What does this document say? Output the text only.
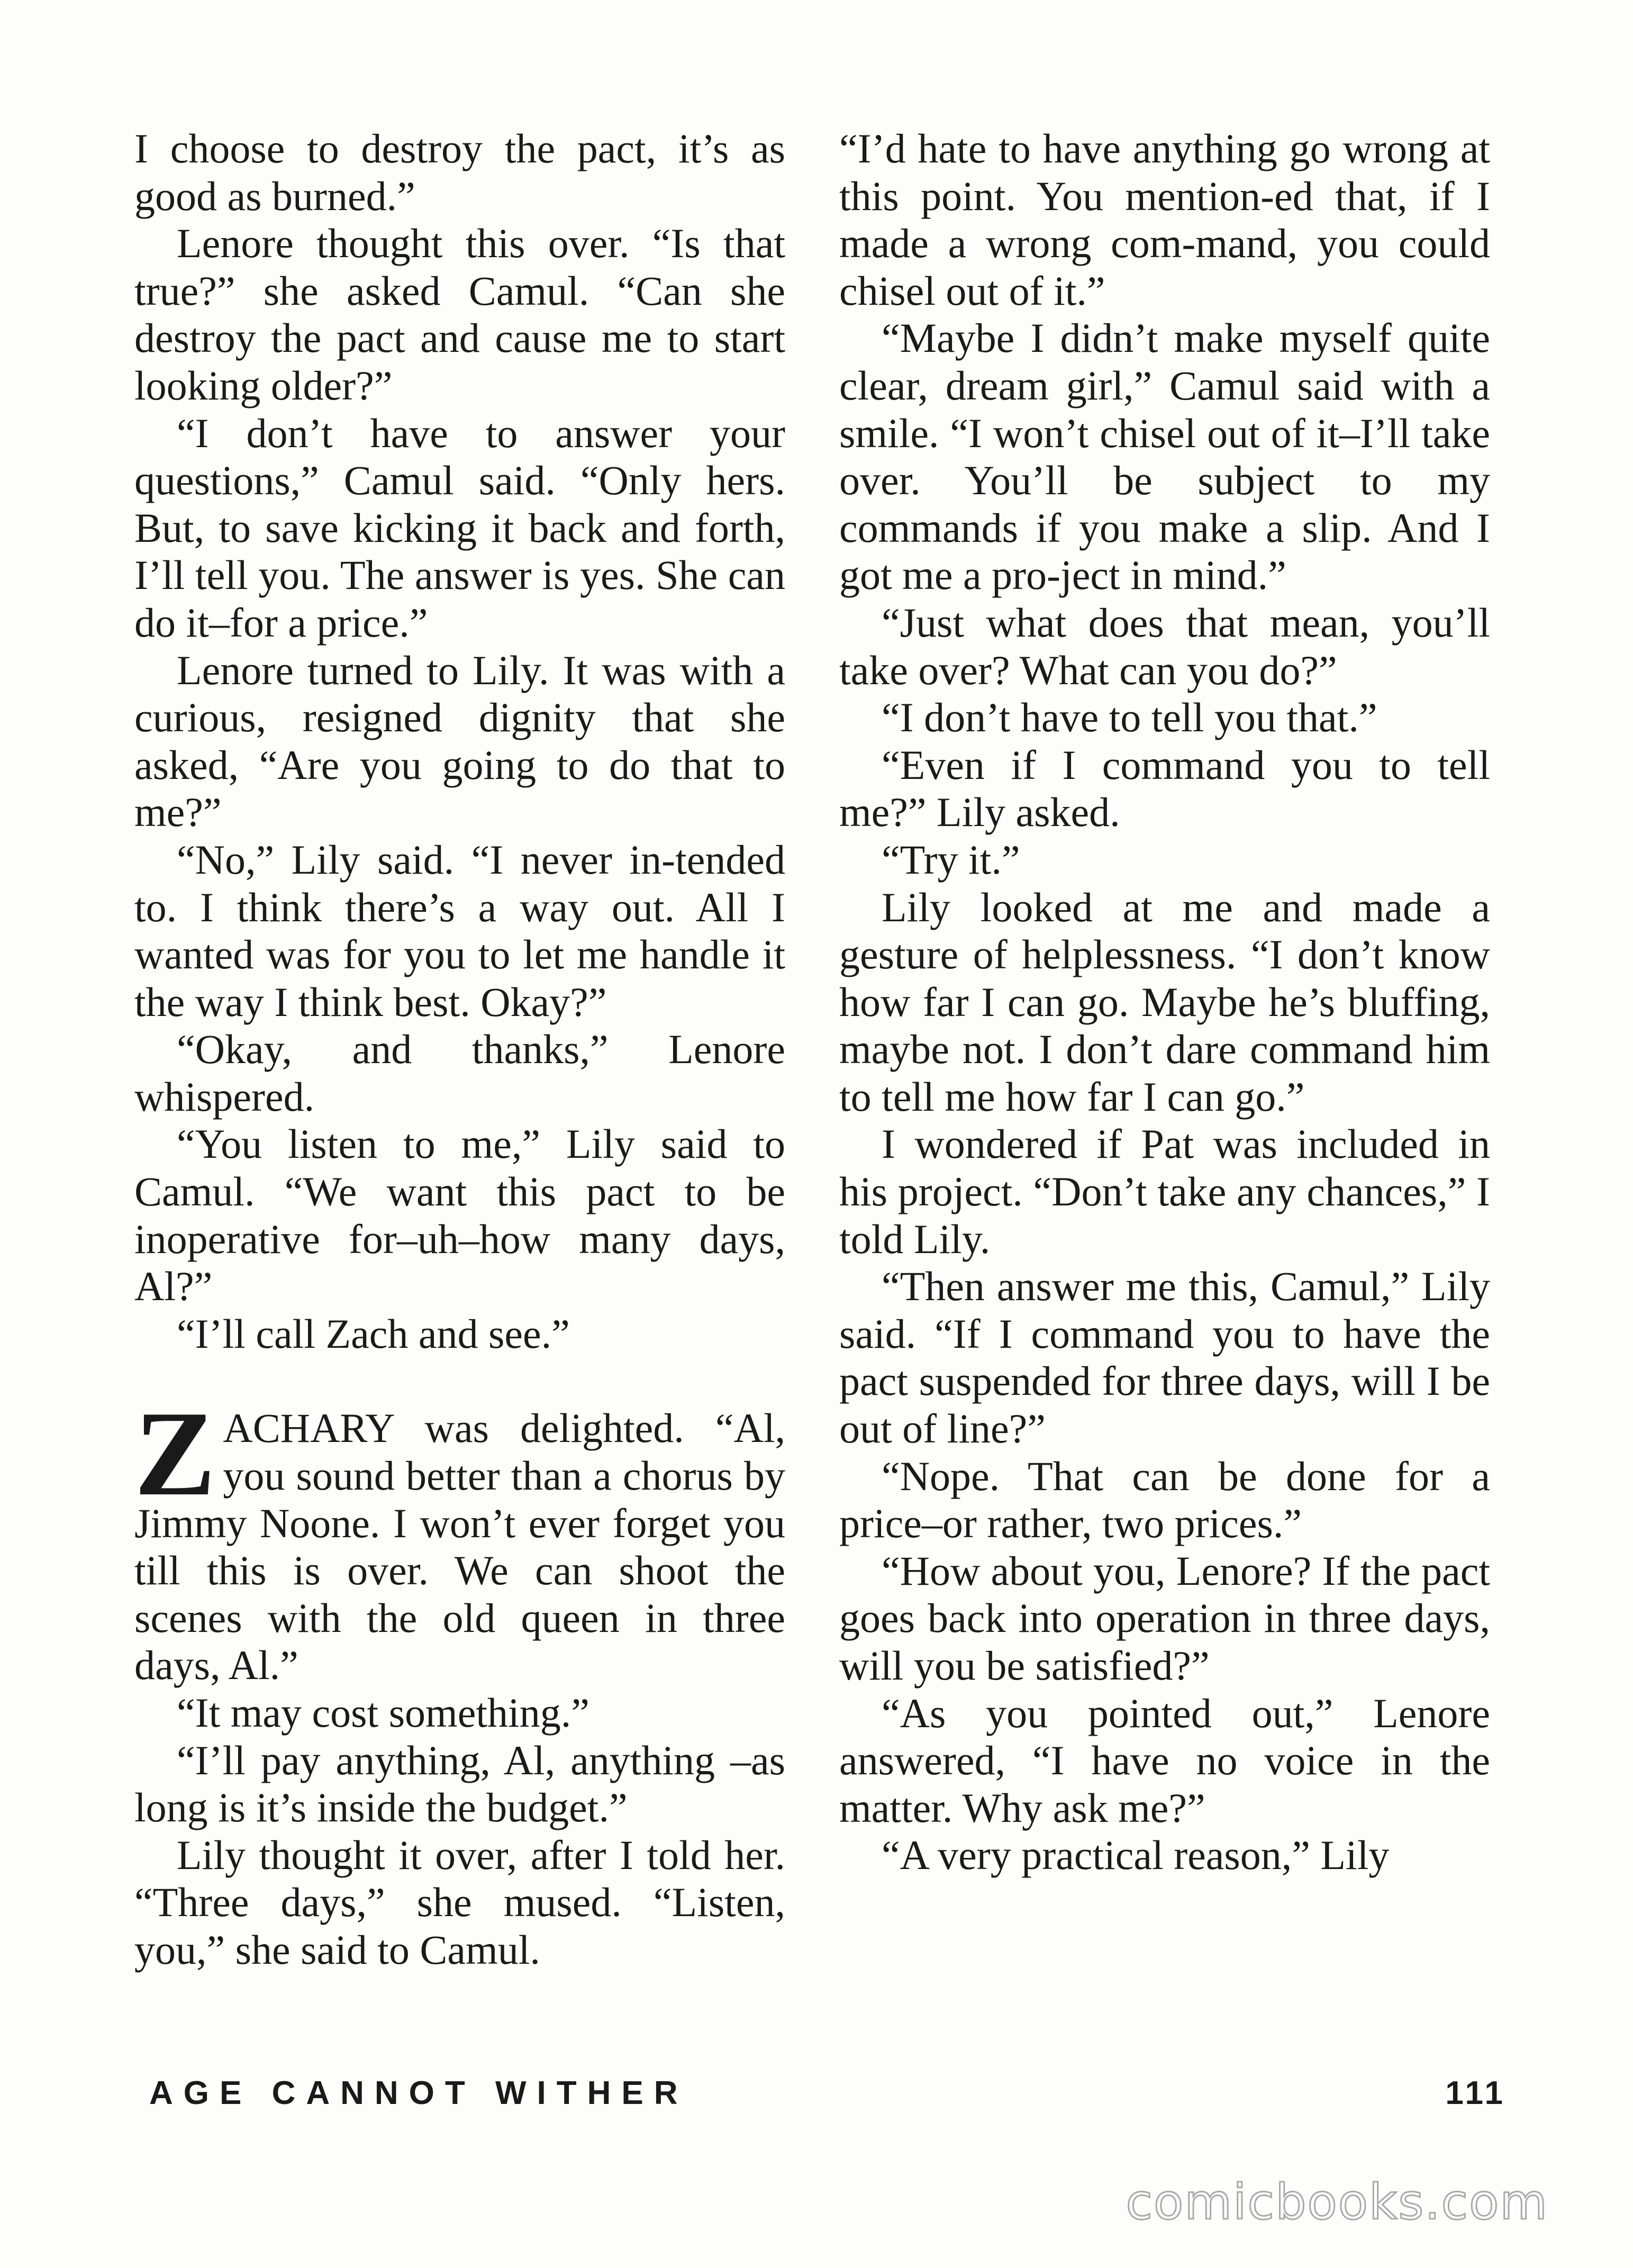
I choose to destroy the pact, it’s as good as burned.”

Lenore thought this over. “Is that true?” she asked Camul. “Can she destroy the pact and cause me to start looking older?”

“I don’t have to answer your questions,” Camul said. “Only hers. But, to save kicking it back and forth, I’ll tell you. The answer is yes. She can do it–for a price.”

Lenore turned to Lily. It was with a curious, resigned dignity that she asked, “Are you going to do that to me?”

“No,” Lily said. “I never in-tended to. I think there’s a way out. All I wanted was for you to let me handle it the way I think best. Okay?”

“Okay, and thanks,” Lenore whispered.

“You listen to me,” Lily said to Camul. “We want this pact to be inoperative for–uh–how many days, Al?”

“I’ll call Zach and see.”

Z ACHARY was delighted. “Al, you sound better than a chorus by Jimmy Noone. I won’t ever forget you till this is over. We can shoot the scenes with the old queen in three days, Al.”

“It may cost something.”

“I’ll pay anything, Al, anything –as long is it’s inside the budget.”

Lily thought it over, after I told her. “Three days,” she mused. “Listen, you,” she said to Camul.

“I’d hate to have anything go wrong at this point. You mention-ed that, if I made a wrong com-mand, you could chisel out of it.”

“Maybe I didn’t make myself quite clear, dream girl,” Camul said with a smile. “I won’t chisel out of it–I’ll take over. You’ll be subject to my commands if you make a slip. And I got me a pro-ject in mind.”

“Just what does that mean, you’ll take over? What can you do?”

“I don’t have to tell you that.”

“Even if I command you to tell me?” Lily asked.

“Try it.”

Lily looked at me and made a gesture of helplessness. “I don’t know how far I can go. Maybe he’s bluffing, maybe not. I don’t dare command him to tell me how far I can go.”

I wondered if Pat was included in his project. “Don’t take any chances,” I told Lily.

“Then answer me this, Camul,” Lily said. “If I command you to have the pact suspended for three days, will I be out of line?”

“Nope. That can be done for a price–or rather, two prices.”

“How about you, Lenore? If the pact goes back into operation in three days, will you be satisfied?”

“As you pointed out,” Lenore answered, “I have no voice in the matter. Why ask me?”

“A very practical reason,” Lily

AGE CANNOT WITHER	111
comicbooks.com
